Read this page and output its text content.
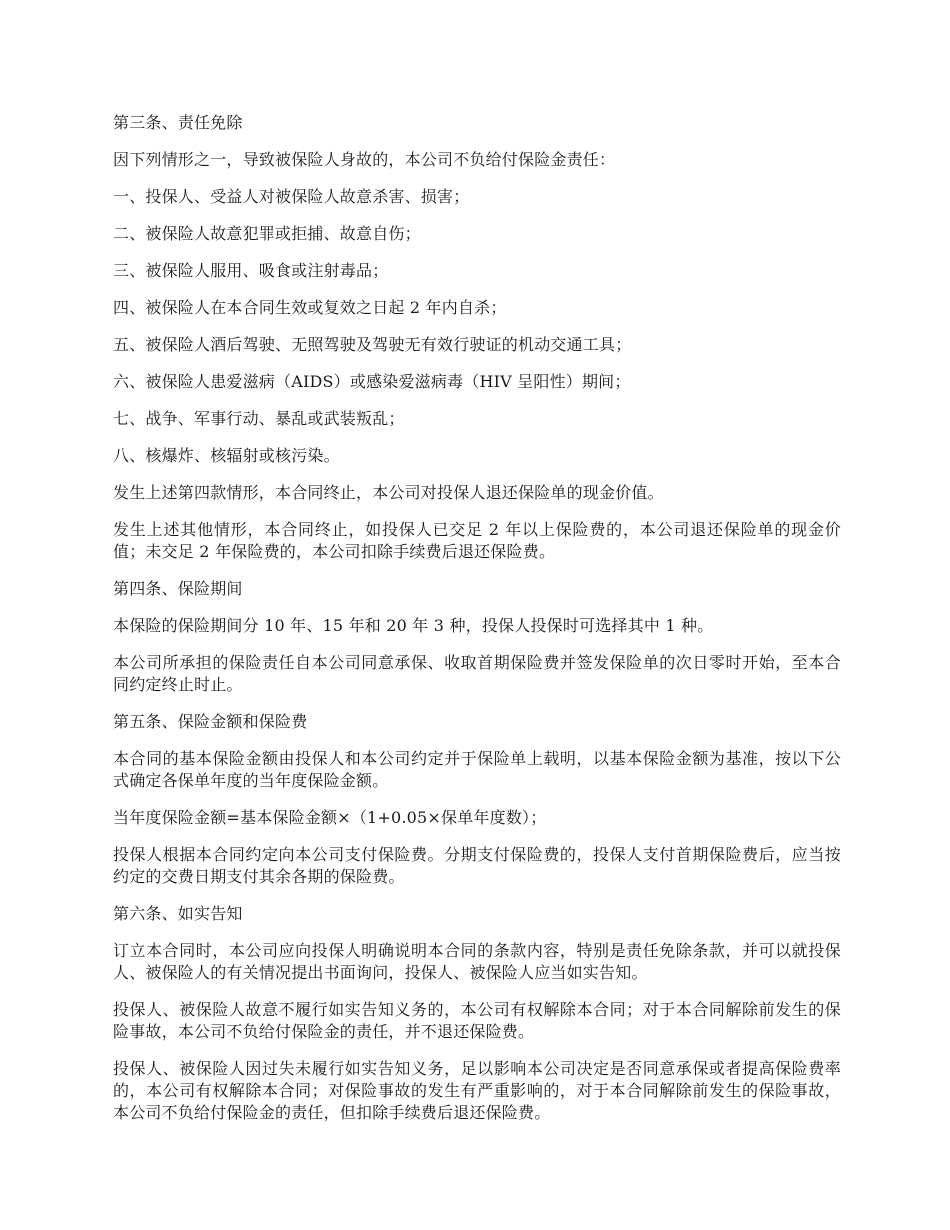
第三条、责任免除

因下列情形之一，导致被保险人身故的，本公司不负给付保险金责任：

一、投保人、受益人对被保险人故意杀害、损害；

二、被保险人故意犯罪或拒捕、故意自伤；

三、被保险人服用、吸食或注射毒品；

四、被保险人在本合同生效或复效之日起 2 年内自杀；

五、被保险人酒后驾驶、无照驾驶及驾驶无有效行驶证的机动交通工具；

六、被保险人患爱滋病（AIDS）或感染爱滋病毒（HIV 呈阳性）期间；

七、战争、军事行动、暴乱或武装叛乱；

八、核爆炸、核辐射或核污染。

发生上述第四款情形，本合同终止，本公司对投保人退还保险单的现金价值。

发生上述其他情形，本合同终止，如投保人已交足 2 年以上保险费的，本公司退还保险单的现金价值；未交足 2 年保险费的，本公司扣除手续费后退还保险费。

第四条、保险期间

本保险的保险期间分 10 年、15 年和 20 年 3 种，投保人投保时可选择其中 1 种。

本公司所承担的保险责任自本公司同意承保、收取首期保险费并签发保险单的次日零时开始，至本合同约定终止时止。

第五条、保险金额和保险费

本合同的基本保险金额由投保人和本公司约定并于保险单上载明，以基本保险金额为基准，按以下公式确定各保单年度的当年度保险金额。

当年度保险金额=基本保险金额×（1+0.05×保单年度数）；

投保人根据本合同约定向本公司支付保险费。分期支付保险费的，投保人支付首期保险费后，应当按约定的交费日期支付其余各期的保险费。

第六条、如实告知

订立本合同时，本公司应向投保人明确说明本合同的条款内容，特别是责任免除条款，并可以就投保人、被保险人的有关情况提出书面询问，投保人、被保险人应当如实告知。

投保人、被保险人故意不履行如实告知义务的，本公司有权解除本合同；对于本合同解除前发生的保险事故，本公司不负给付保险金的责任，并不退还保险费。

投保人、被保险人因过失未履行如实告知义务，足以影响本公司决定是否同意承保或者提高保险费率的，本公司有权解除本合同；对保险事故的发生有严重影响的，对于本合同解除前发生的保险事故，本公司不负给付保险金的责任，但扣除手续费后退还保险费。
